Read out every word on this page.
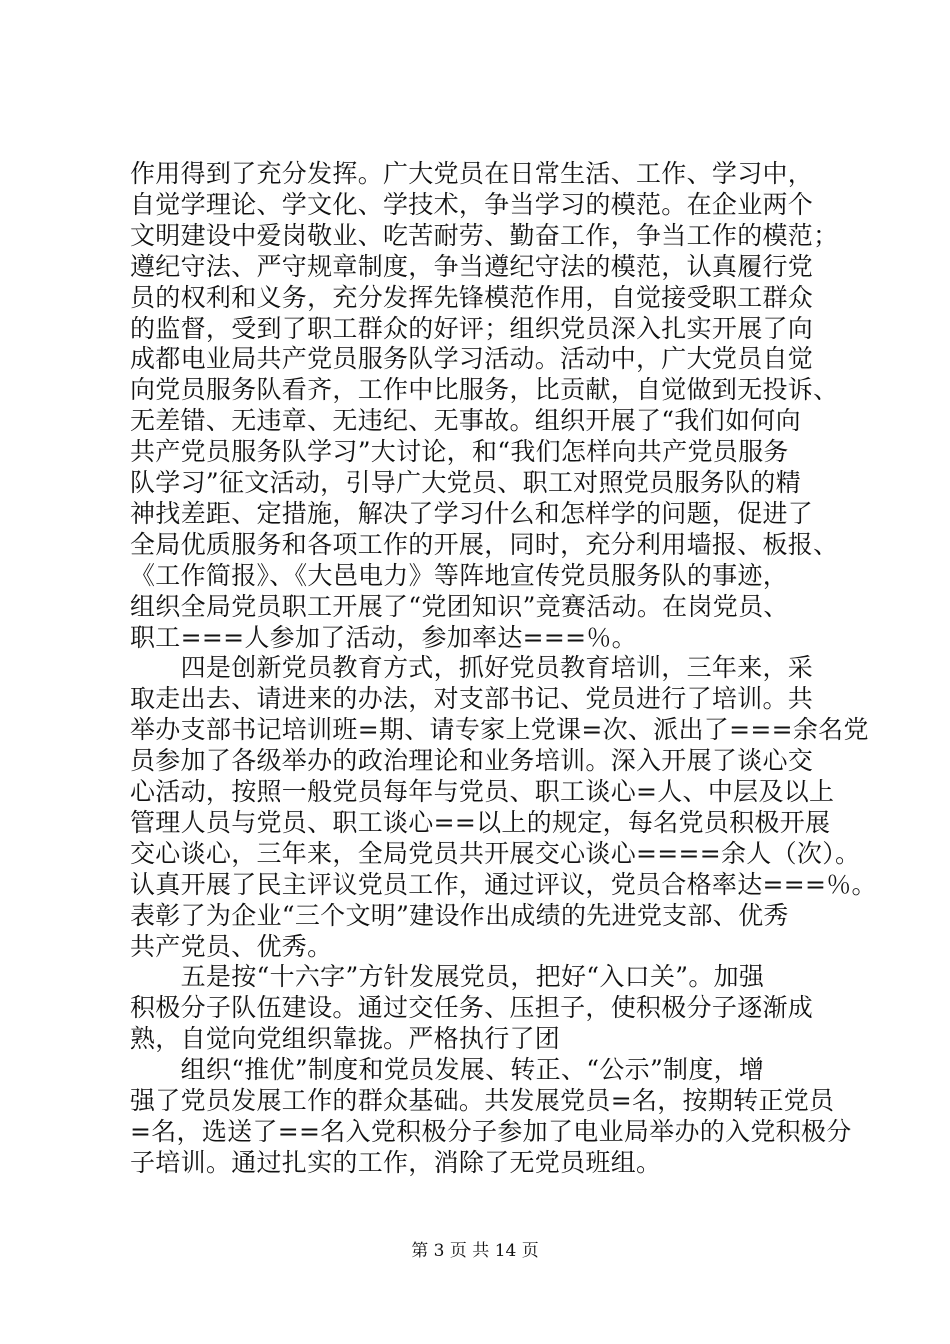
作用得到了充分发挥。广大党员在日常生活、工作、学习中，
自觉学理论、学文化、学技术，争当学习的模范。在企业两个
文明建设中爱岗敬业、吃苦耐劳、勤奋工作，争当工作的模范；
遵纪守法、严守规章制度，争当遵纪守法的模范，认真履行党
员的权利和义务，充分发挥先锋模范作用，自觉接受职工群众
的监督，受到了职工群众的好评；组织党员深入扎实开展了向
成都电业局共产党员服务队学习活动。活动中，广大党员自觉
向党员服务队看齐，工作中比服务，比贡献，自觉做到无投诉、
无差错、无违章、无违纪、无事故。组织开展了“我们如何向
共产党员服务队学习”大讨论，和“我们怎样向共产党员服务
队学习”征文活动，引导广大党员、职工对照党员服务队的精
神找差距、定措施，解决了学习什么和怎样学的问题，促进了
全局优质服务和各项工作的开展，同时，充分利用墙报、板报、
《工作简报》、《大邑电力》等阵地宣传党员服务队的事迹，
组织全局党员职工开展了“党团知识”竞赛活动。在岗党员、
职工===人参加了活动，参加率达===％。
　　四是创新党员教育方式，抓好党员教育培训，三年来，采
取走出去、请进来的办法，对支部书记、党员进行了培训。共
举办支部书记培训班=期、请专家上党课=次、派出了===余名党
员参加了各级举办的政治理论和业务培训。深入开展了谈心交
心活动，按照一般党员每年与党员、职工谈心=人、中层及以上
管理人员与党员、职工谈心==以上的规定，每名党员积极开展
交心谈心，三年来，全局党员共开展交心谈心====余人（次）。
认真开展了民主评议党员工作，通过评议，党员合格率达===％。
表彰了为企业“三个文明”建设作出成绩的先进党支部、优秀
共产党员、优秀。
　　五是按“十六字”方针发展党员，把好“入口关”。加强
积极分子队伍建设。通过交任务、压担子，使积极分子逐渐成
熟，自觉向党组织靠拢。严格执行了团
　　组织“推优”制度和党员发展、转正、“公示”制度，增
强了党员发展工作的群众基础。共发展党员=名，按期转正党员
=名，选送了==名入党积极分子参加了电业局举办的入党积极分
子培训。通过扎实的工作，消除了无党员班组。
第 3 页 共 14 页
